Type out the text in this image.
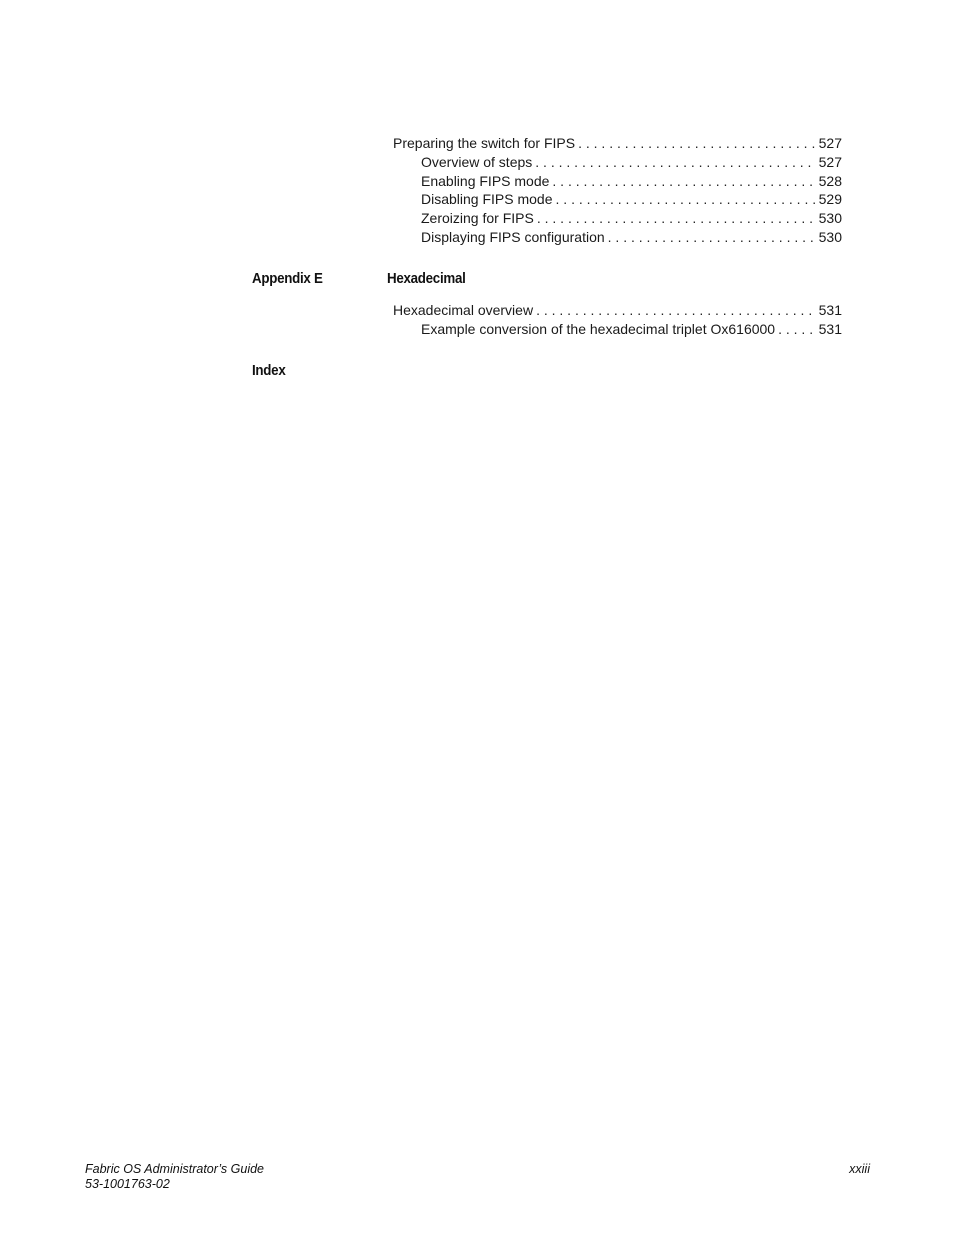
Preparing the switch for FIPS . . .	527
Overview of steps . . .	527
Enabling FIPS mode . . .	528
Disabling FIPS mode . . .	529
Zeroizing for FIPS . . .	530
Displaying FIPS configuration . . .	530
Appendix E	Hexadecimal
Hexadecimal overview . . .	531
Example conversion of the hexadecimal triplet Ox616000 . . .	531
Index
Fabric OS Administrator’s Guide
53-1001763-02
xxiii
